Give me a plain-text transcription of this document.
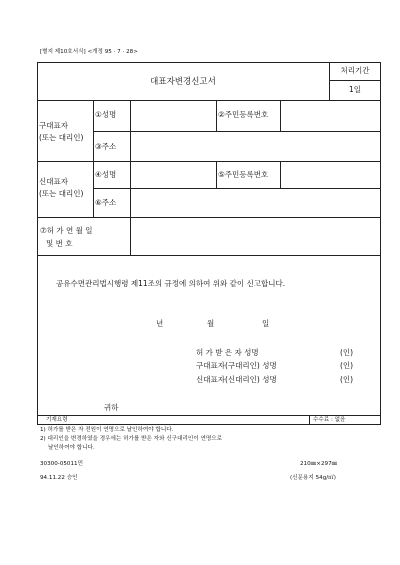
[별지 제10호서식] <개정 95 · 7 · 28>
대표자변경신고서
처리기간
1일
구대표자
(또는 대리인)
①성명	②주민등록번호
③주소
신대표자
(또는 대리인)
④성명	⑤주민등록번호
⑥주소
⑦허 가 연 월 일
및 번 호
공유수면관리법시행령 제11조의 규정에 의하여 위와 같이 신고합니다.
년	월	일
허 가 받 은 자 성명	(인)
구대표자(구대리인) 성명	(인)
신대표자(신대리인) 성명	(인)
귀하
기재요령	수수료 : 없음
1) 허가를 받은 자 전원이 연명으로 날인하여야 합니다.
2) 대리인을 변경하였을 경우에는 허가를 받은 자와 신구대리인이 연명으로
날인하여야 합니다.
30300-05011민
94.11.22 승인
210㎜×297㎜
(신문용지 54g/㎡)
